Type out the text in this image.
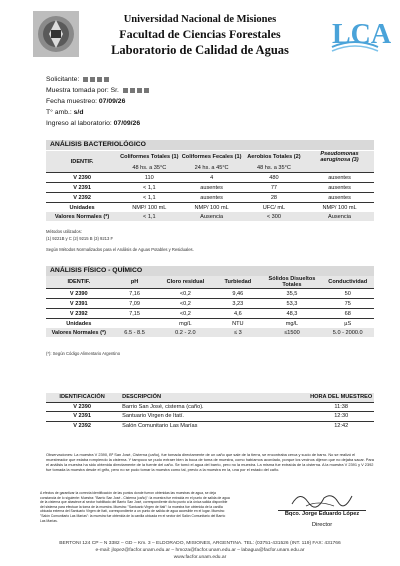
LCA
Universidad Nacional de Misiones
Facultad de Ciencias Forestales
Laboratorio de Calidad de Aguas
Solicitante:
Muestra tomada por: Sr.
Fecha muestreo: 07/09/26
T° amb.: s/d
Ingreso al laboratorio: 07/09/26
ANÁLISIS BACTERIOLÓGICO
IDENTIF.	Coliformes Totales (1)	Coliformes Fecales (1)	Aerobios Totales (2)	Pseudomonas aeruginosa (3)
	48 hs. a 35°C	24 hs. a 45°C	48 hs. a 35°C	
V 2390	110	4	480	ausentes
V 2391	< 1,1	ausentes	77	ausentes
V 2392	< 1,1	ausentes	28	ausentes
Unidades	NMP/ 100 mL	NMP/ 100 mL	UFC/ mL	NMP/ 100 mL
Valores Normales (*)	< 1,1	Ausencia	< 300	Ausencia
Métodos utilizados:
(1) 9221B y C (2) 9215 B (3) 9213 F
Según Métodos Normalizados para el Análisis de Aguas Potables y Residuales.
ANÁLISIS FÍSICO - QUÍMICO
IDENTIF.	pH	Cloro residual	Turbiedad	Sólidos Disueltos Totales	Conductividad
V 2390	7,16	<0,2	9,46	35,5	50
V 2391	7,09	<0,2	3,23	53,3	75
V 2392	7,15	<0,2	4,6	48,3	68
Unidades		mg/L	NTU	mg/L	µS
Valores Normales (*)	6.5 - 8.5	0.2 - 2.0	≤ 3	≤1500	5.0 - 2000.0
(*): Según Código Alimentario Argentino
IDENTIFICACIÓN	DESCRIPCIÓN	HORA DEL MUESTREO
V 2390	Barrio San José, cisterna (caño).	11:38
V 2391	Santuario Virgen de Itatí.	12:30
V 2392	Salón Comunitario Las Marías	12:42
Observaciones: La muestra V 2390, Bº San José, Cisterna (caño), fue tomada directamente de un caño que sale de la tierra, se encontraba cerca y sucio de barro. No se realizó el muestreador que estaba rompiendo la cisterna. Y tampoco se pudo extraer bien la boca de toma de muestra, como habíamos acordado, porque los vecinos dijeron que no dejaba sacar. Para el análisis la muestra ha sido obtenida directamente de la fuente del caño. Se tomó el agua del barrio, pero no la muestra. La misma fue extraída de la cisterna. A la muestra V 2391 y V 2392 fue tomada la muestra desde el grifo, pero no se pudo tomar la muestra como tal, previo a la muestra en la, una por el estado del caño.
A efectos de garantizar la correcta identificación de las puntos donde fueron obtenidas las muestras de agua, se deja constancia de lo siguiente: Muestra: "Barrio San José - Cisterna (caño)": la muestra fue extraída en el punto de salida de agua de la cisterna que abastece al sector habilitado del Barrio San José, correspondiente dicho punto a la única salida disponible del sistema para efectuar la toma de la muestra. Muestra: "Santuario Virgen de Itatí": la muestra fue obtenida de la canilla ubicada externa del Santuario Virgen de Itatí, correspondiente a un punto de salida de agua accesible en el lugar. Muestra: "Salón Comunitario Las Marías": la muestra fue obtenida de la canilla ubicada en el sector del Salón Comunitario del Barrio Las Marías.
Bqco. Jorge Eduardo López
Director
BERTONI 124 CP – N 3382 – GD – Km. 3 – ELDORADO, MISIONES, ARGENTINA. TEL: (03751-431526 (INT. 119) FAX: 431766
e-mail: jlopez@facfor.unam.edu.ar – hmoza@facfor.unam.edu.ar – labagua@facfor.unam.edu.ar
www.facfor.unam.edu.ar
